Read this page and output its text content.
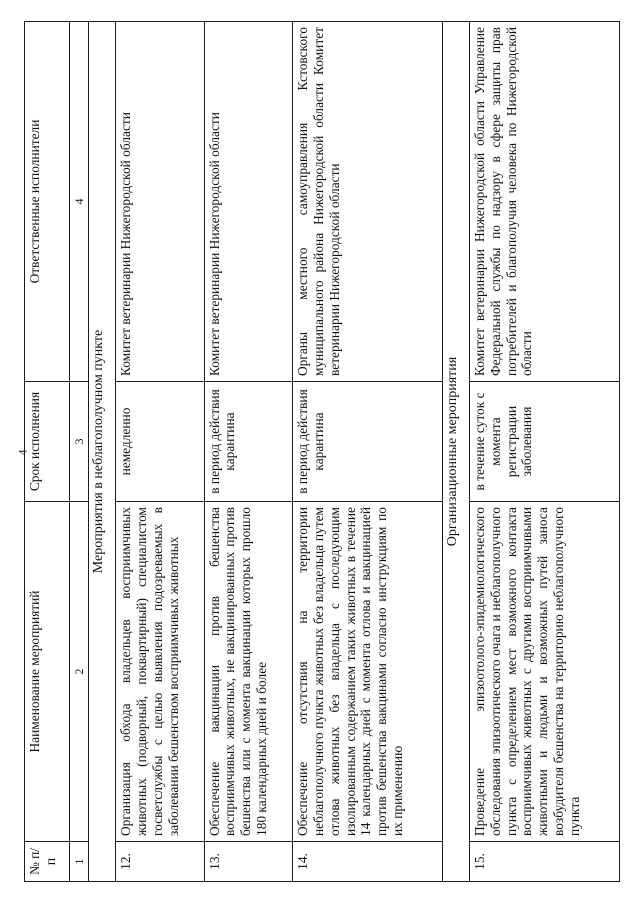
4
№ п/п	Наименование мероприятий	Срок исполнения	Ответственные исполнители
1	2	3	4
Мероприятия в неблагополучном пункте			
12.	Организация обхода владельцев восприимчивых животных (подворный, поквартирный) специалистом госветслужбы с целью выявления подозреваемых в заболевании бешенством восприимчивых животных	немедленно	Комитет ветеринарии Нижегородской области
13.	Обеспечение вакцинации против бешенства восприимчивых животных, не вакцинированных против бешенства или с момента вакцинации которых прошло 180 календарных дней и более	в период действия карантина	Комитет ветеринарии Нижегородской области
14.	Обеспечение отсутствия на территории неблагополучного пункта животных без владельца путем отлова животных без владельца с последующим изолированным содержанием таких животных в течение 14 календарных дней с момента отлова и вакцинацией против бешенства вакцинами согласно инструкциям по их применению	в период действия карантина	Органы местного самоуправления Кстовского муниципального района Нижегородской области Комитет ветеринарии Нижегородской области
Организационные мероприятия			
15.	Проведение эпизоотолого-эпидемиологического обследования эпизоотического очага и неблагополучного пункта с определением мест возможного контакта восприимчивых животных с другими восприимчивыми животными и людьми и возможных путей заноса возбудителя бешенства на территорию неблагополучного пункта	в течение суток с момента регистрации заболевания	Комитет ветеринарии Нижегородской области Управление Федеральной службы по надзору в сфере защиты прав потребителей и благополучия человека по Нижегородской области
